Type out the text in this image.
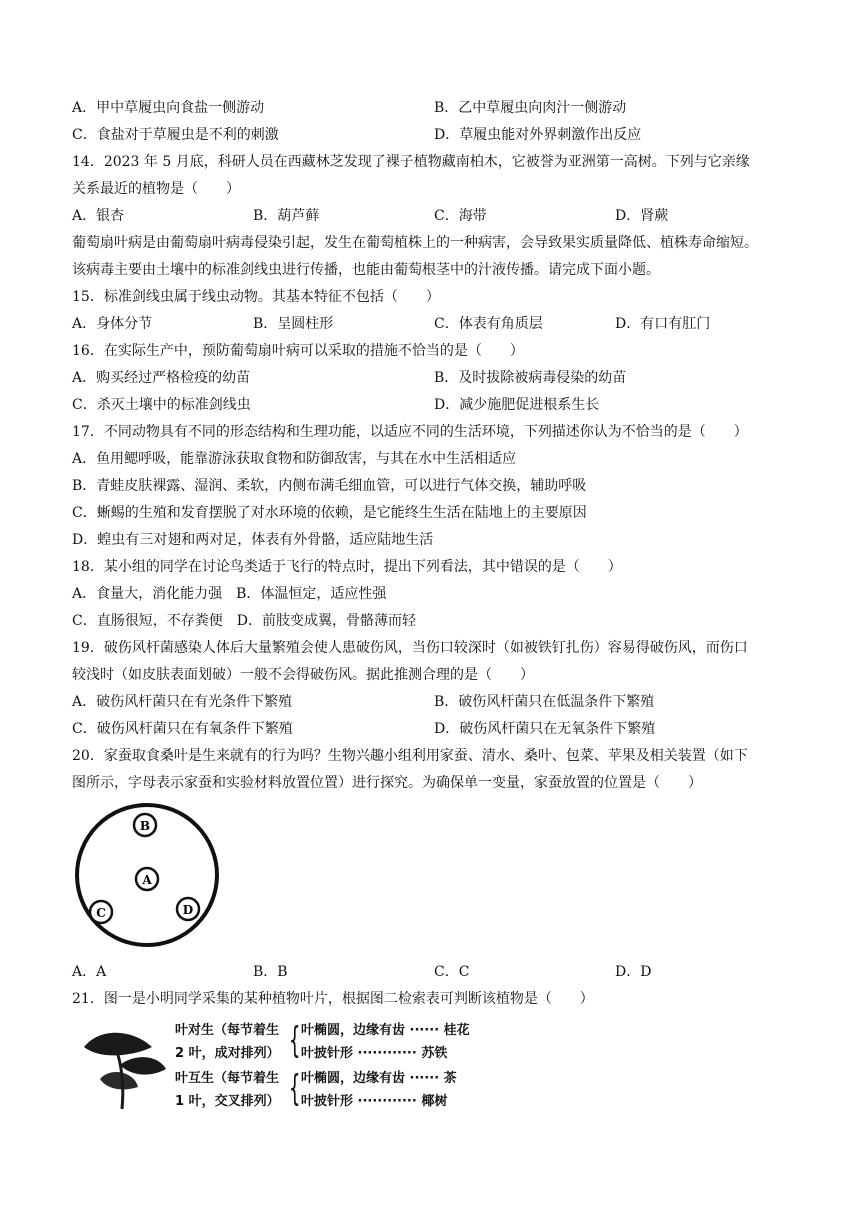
A．甲中草履虫向食盐一侧游动	B．乙中草履虫向肉汁一侧游动
C．食盐对于草履虫是不利的刺激	D．草履虫能对外界刺激作出反应
14．2023 年 5 月底，科研人员在西藏林芝发现了裸子植物藏南柏木，它被誉为亚洲第一高树。下列与它亲缘
关系最近的植物是（　　）
A．银杏	B．葫芦藓	C．海带	D．肾蕨
葡萄扇叶病是由葡萄扇叶病毒侵染引起，发生在葡萄植株上的一种病害，会导致果实质量降低、植株寿命缩短。
该病毒主要由土壤中的标准剑线虫进行传播，也能由葡萄根茎中的汁液传播。请完成下面小题。
15．标准剑线虫属于线虫动物。其基本特征不包括（　　）
A．身体分节	B．呈圆柱形	C．体表有角质层	D．有口有肛门
16．在实际生产中，预防葡萄扇叶病可以采取的措施不恰当的是（　　）
A．购买经过严格检疫的幼苗	B．及时拔除被病毒侵染的幼苗
C．杀灭土壤中的标准剑线虫	D．减少施肥促进根系生长
17．不同动物具有不同的形态结构和生理功能，以适应不同的生活环境，下列描述你认为不恰当的是（　　）
A．鱼用鳃呼吸，能靠游泳获取食物和防御敌害，与其在水中生活相适应
B．青蛙皮肤裸露、湿润、柔软，内侧布满毛细血管，可以进行气体交换，辅助呼吸
C．蜥蜴的生殖和发育摆脱了对水环境的依赖，是它能终生生活在陆地上的主要原因
D．蝗虫有三对翅和两对足，体表有外骨骼，适应陆地生活
18．某小组的同学在讨论鸟类适于飞行的特点时，提出下列看法，其中错误的是（　　）
A．食量大，消化能力强 B．体温恒定，适应性强
C．直肠很短，不存粪便 D．前肢变成翼，骨骼薄而轻
19．破伤风杆菌感染人体后大量繁殖会使人患破伤风，当伤口较深时（如被铁钉扎伤）容易得破伤风，而伤口
较浅时（如皮肤表面划破）一般不会得破伤风。据此推测合理的是（　　）
A．破伤风杆菌只在有光条件下繁殖	B．破伤风杆菌只在低温条件下繁殖
C．破伤风杆菌只在有氧条件下繁殖	D．破伤风杆菌只在无氧条件下繁殖
20．家蚕取食桑叶是生来就有的行为吗？生物兴趣小组利用家蚕、清水、桑叶、包菜、苹果及相关装置（如下
图所示，字母表示家蚕和实验材料放置位置）进行探究。为确保单一变量，家蚕放置的位置是（　　）
B
A
C	D
A．A	B．B	C．C	D．D
21．图一是小明同学采集的某种植物叶片，根据图二检索表可判断该植物是（　　）
叶对生（每节着生
2 叶，成对排列） { 叶椭圆，边缘有齿 ······ 桂花
叶披针形 ············ 苏铁
叶互生（每节着生
1 叶，交叉排列） { 叶椭圆，边缘有齿 ······ 茶
叶披针形 ············ 椰树
